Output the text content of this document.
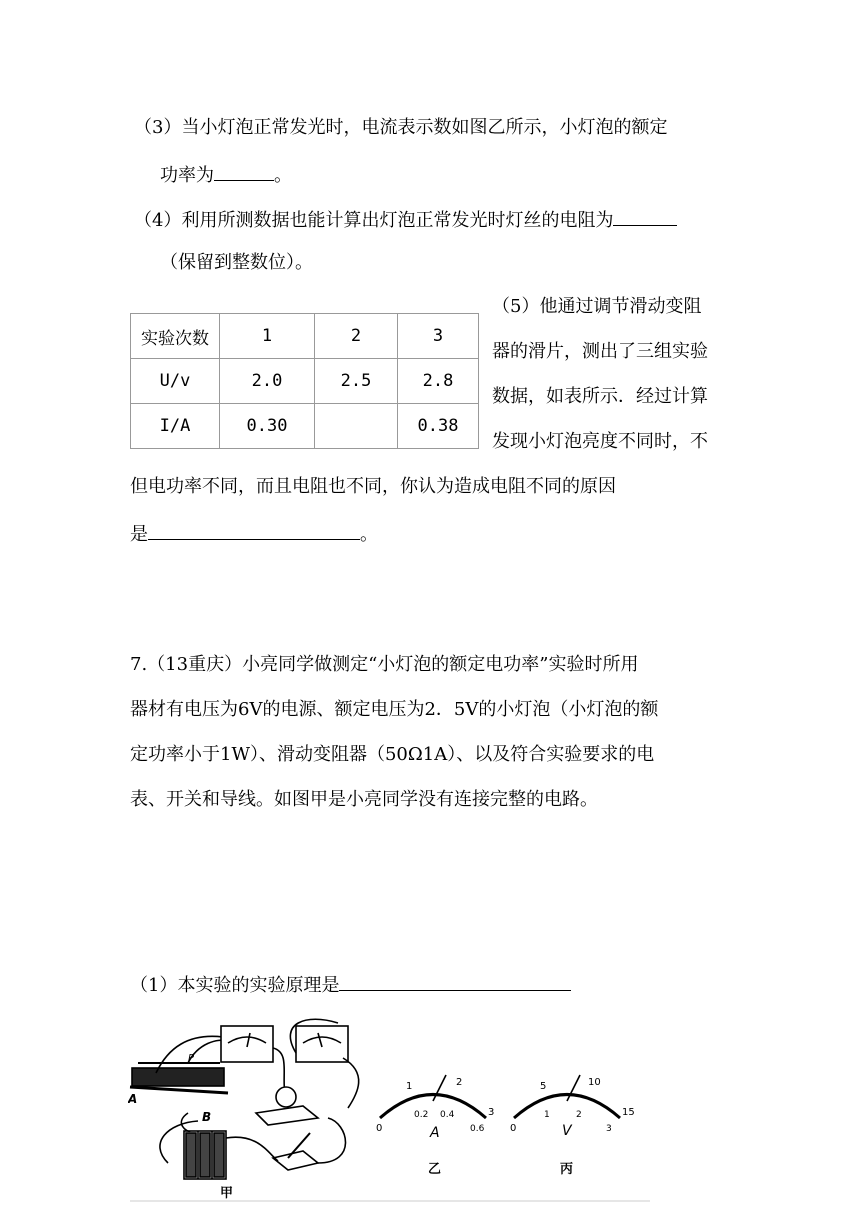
（3）当小灯泡正常发光时，电流表示数如图乙所示，小灯泡的额定
功率为	。
（4）利用所测数据也能计算出灯泡正常发光时灯丝的电阻为
（保留到整数位）。
实验次数	1	2	3
U/v	2.0	2.5	2.8
I/A	0.30		0.38
（5）他通过调节滑动变阻
器的滑片，测出了三组实验
数据，如表所示．经过计算
发现小灯泡亮度不同时，不
但电功率不同，而且电阻也不同，你认为造成电阻不同的原因
是	。
7.（13重庆）小亮同学做测定“小灯泡的额定电功率”实验时所用
器材有电压为6V的电源、额定电压为2．5V的小灯泡（小灯泡的额
定功率小于1W）、滑动变阻器（50Ω1A）、以及符合实验要求的电
表、开关和导线。如图甲是小亮同学没有连接完整的电路。
（1）本实验的实验原理是
P
A
B
甲
1	2
3
0
0.2 0.4
0.6
A
乙
5	10
15
0
1	2
3
V
丙
